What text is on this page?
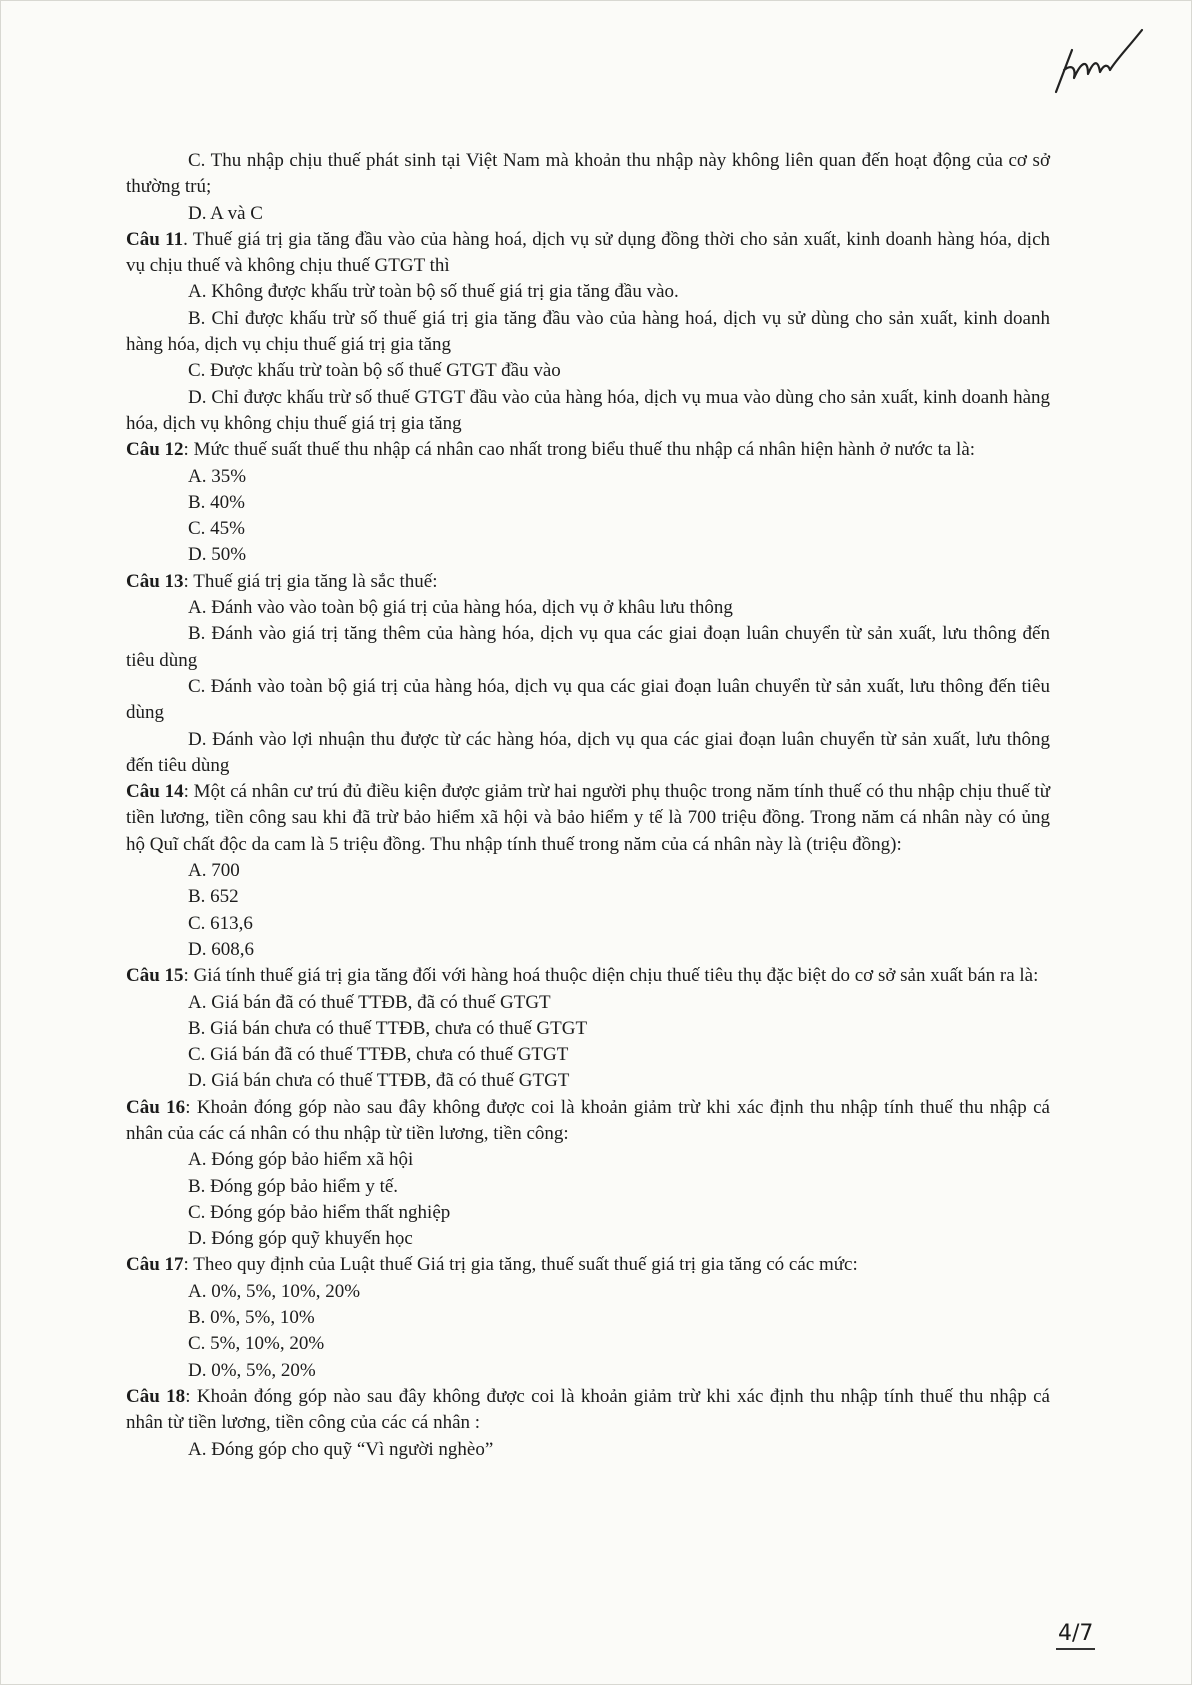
C. Thu nhập chịu thuế phát sinh tại Việt Nam mà khoản thu nhập này không liên quan đến hoạt động của cơ sở thường trú;

D. A và C

Câu 11. Thuế giá trị gia tăng đầu vào của hàng hoá, dịch vụ sử dụng đồng thời cho sản xuất, kinh doanh hàng hóa, dịch vụ chịu thuế và không chịu thuế GTGT thì

A. Không được khấu trừ toàn bộ số thuế giá trị gia tăng đầu vào.

B. Chỉ được khấu trừ số thuế giá trị gia tăng đầu vào của hàng hoá, dịch vụ sử dùng cho sản xuất, kinh doanh hàng hóa, dịch vụ chịu thuế giá trị gia tăng

C. Được khấu trừ toàn bộ số thuế GTGT đầu vào

D. Chỉ được khấu trừ số thuế GTGT đầu vào của hàng hóa, dịch vụ mua vào dùng cho sản xuất, kinh doanh hàng hóa, dịch vụ không chịu thuế giá trị gia tăng

Câu 12: Mức thuế suất thuế thu nhập cá nhân cao nhất trong biểu thuế thu nhập cá nhân hiện hành ở nước ta là:

A. 35%

B. 40%

C. 45%

D. 50%

Câu 13: Thuế giá trị gia tăng là sắc thuế:

A. Đánh vào vào toàn bộ giá trị của hàng hóa, dịch vụ ở khâu lưu thông

B. Đánh vào giá trị tăng thêm của hàng hóa, dịch vụ qua các giai đoạn luân chuyển từ sản xuất, lưu thông đến tiêu dùng

C. Đánh vào toàn bộ giá trị của hàng hóa, dịch vụ qua các giai đoạn luân chuyển từ sản xuất, lưu thông đến tiêu dùng

D. Đánh vào lợi nhuận thu được từ các hàng hóa, dịch vụ qua các giai đoạn luân chuyển từ sản xuất, lưu thông đến tiêu dùng

Câu 14: Một cá nhân cư trú đủ điều kiện được giảm trừ hai người phụ thuộc trong năm tính thuế có thu nhập chịu thuế từ tiền lương, tiền công sau khi đã trừ bảo hiểm xã hội và bảo hiểm y tế là 700 triệu đồng. Trong năm cá nhân này có ủng hộ Quĩ chất độc da cam là 5 triệu đồng. Thu nhập tính thuế trong năm của cá nhân này là (triệu đồng):

A. 700

B. 652

C. 613,6

D. 608,6

Câu 15: Giá tính thuế giá trị gia tăng đối với hàng hoá thuộc diện chịu thuế tiêu thụ đặc biệt do cơ sở sản xuất bán ra là:

A. Giá bán đã có thuế TTĐB, đã có thuế GTGT

B. Giá bán chưa có thuế TTĐB, chưa có thuế GTGT

C. Giá bán đã có thuế TTĐB, chưa có thuế GTGT

D. Giá bán chưa có thuế TTĐB, đã có thuế GTGT

Câu 16: Khoản đóng góp nào sau đây không được coi là khoản giảm trừ khi xác định thu nhập tính thuế thu nhập cá nhân của các cá nhân có thu nhập từ tiền lương, tiền công:

A. Đóng góp bảo hiểm xã hội

B. Đóng góp bảo hiểm y tế.

C. Đóng góp bảo hiểm thất nghiệp

D. Đóng góp quỹ khuyến học

Câu 17: Theo quy định của Luật thuế Giá trị gia tăng, thuế suất thuế giá trị gia tăng có các mức:

A. 0%, 5%, 10%, 20%

B. 0%, 5%, 10%

C. 5%, 10%, 20%

D. 0%, 5%, 20%

Câu 18: Khoản đóng góp nào sau đây không được coi là khoản giảm trừ khi xác định thu nhập tính thuế thu nhập cá nhân từ tiền lương, tiền công của các cá nhân :

A. Đóng góp cho quỹ “Vì người nghèo”

4/7
